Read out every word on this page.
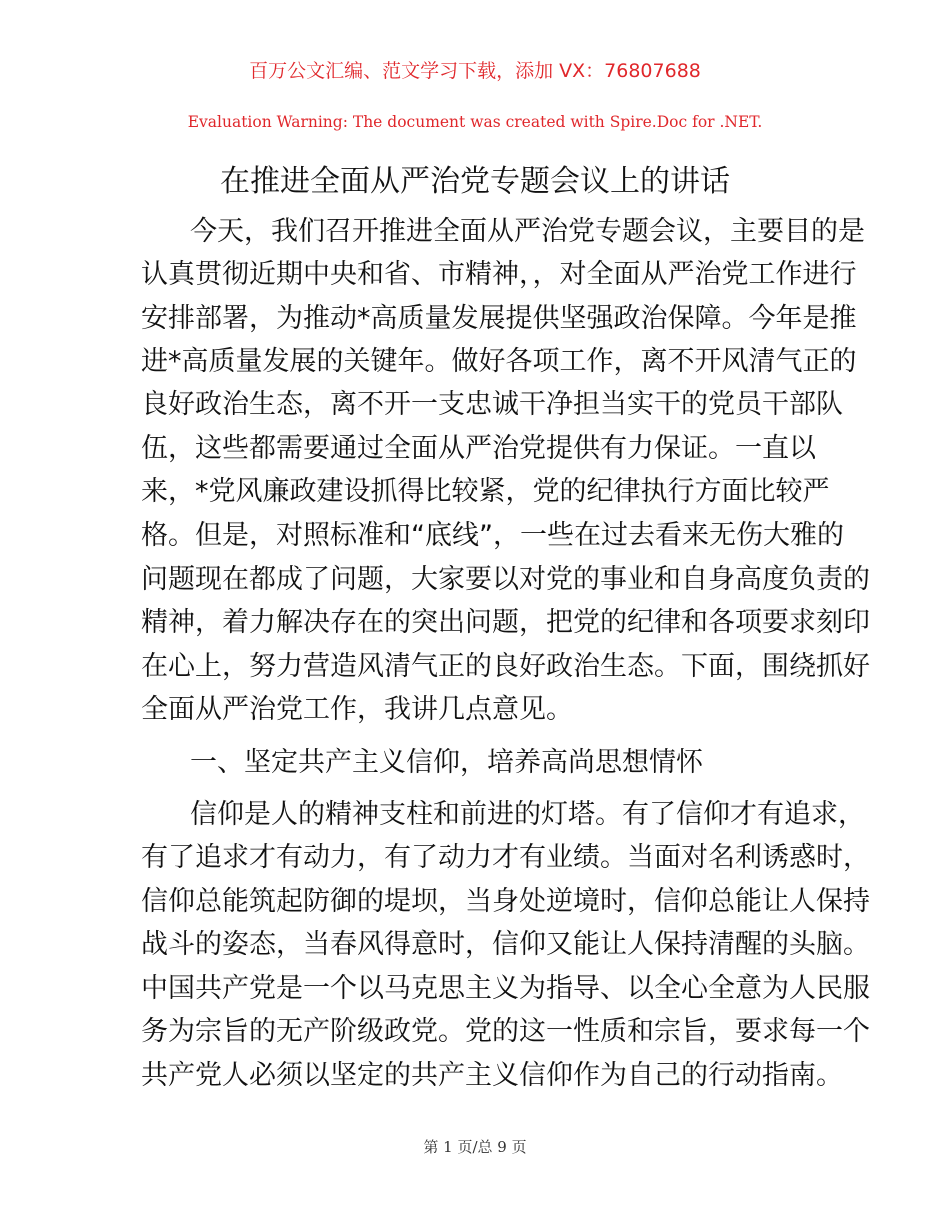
百万公文汇编、范文学习下载，添加 VX：76807688
Evaluation Warning: The document was created with Spire.Doc for .NET.
在推进全面从严治党专题会议上的讲话
今天，我们召开推进全面从严治党专题会议，主要目的是
认真贯彻近期中央和省、市精神，，对全面从严治党工作进行
安排部署，为推动*高质量发展提供坚强政治保障。今年是推
进*高质量发展的关键年。做好各项工作，离不开风清气正的
良好政治生态，离不开一支忠诚干净担当实干的党员干部队
伍，这些都需要通过全面从严治党提供有力保证。一直以
来，*党风廉政建设抓得比较紧，党的纪律执行方面比较严
格。但是，对照标准和“底线”，一些在过去看来无伤大雅的
问题现在都成了问题，大家要以对党的事业和自身高度负责的
精神，着力解决存在的突出问题，把党的纪律和各项要求刻印
在心上，努力营造风清气正的良好政治生态。下面，围绕抓好
全面从严治党工作，我讲几点意见。
一、坚定共产主义信仰，培养高尚思想情怀
信仰是人的精神支柱和前进的灯塔。有了信仰才有追求，
有了追求才有动力，有了动力才有业绩。当面对名利诱惑时，
信仰总能筑起防御的堤坝，当身处逆境时，信仰总能让人保持
战斗的姿态，当春风得意时，信仰又能让人保持清醒的头脑。
中国共产党是一个以马克思主义为指导、以全心全意为人民服
务为宗旨的无产阶级政党。党的这一性质和宗旨，要求每一个
共产党人必须以坚定的共产主义信仰作为自己的行动指南。
第 1 页/总 9 页
